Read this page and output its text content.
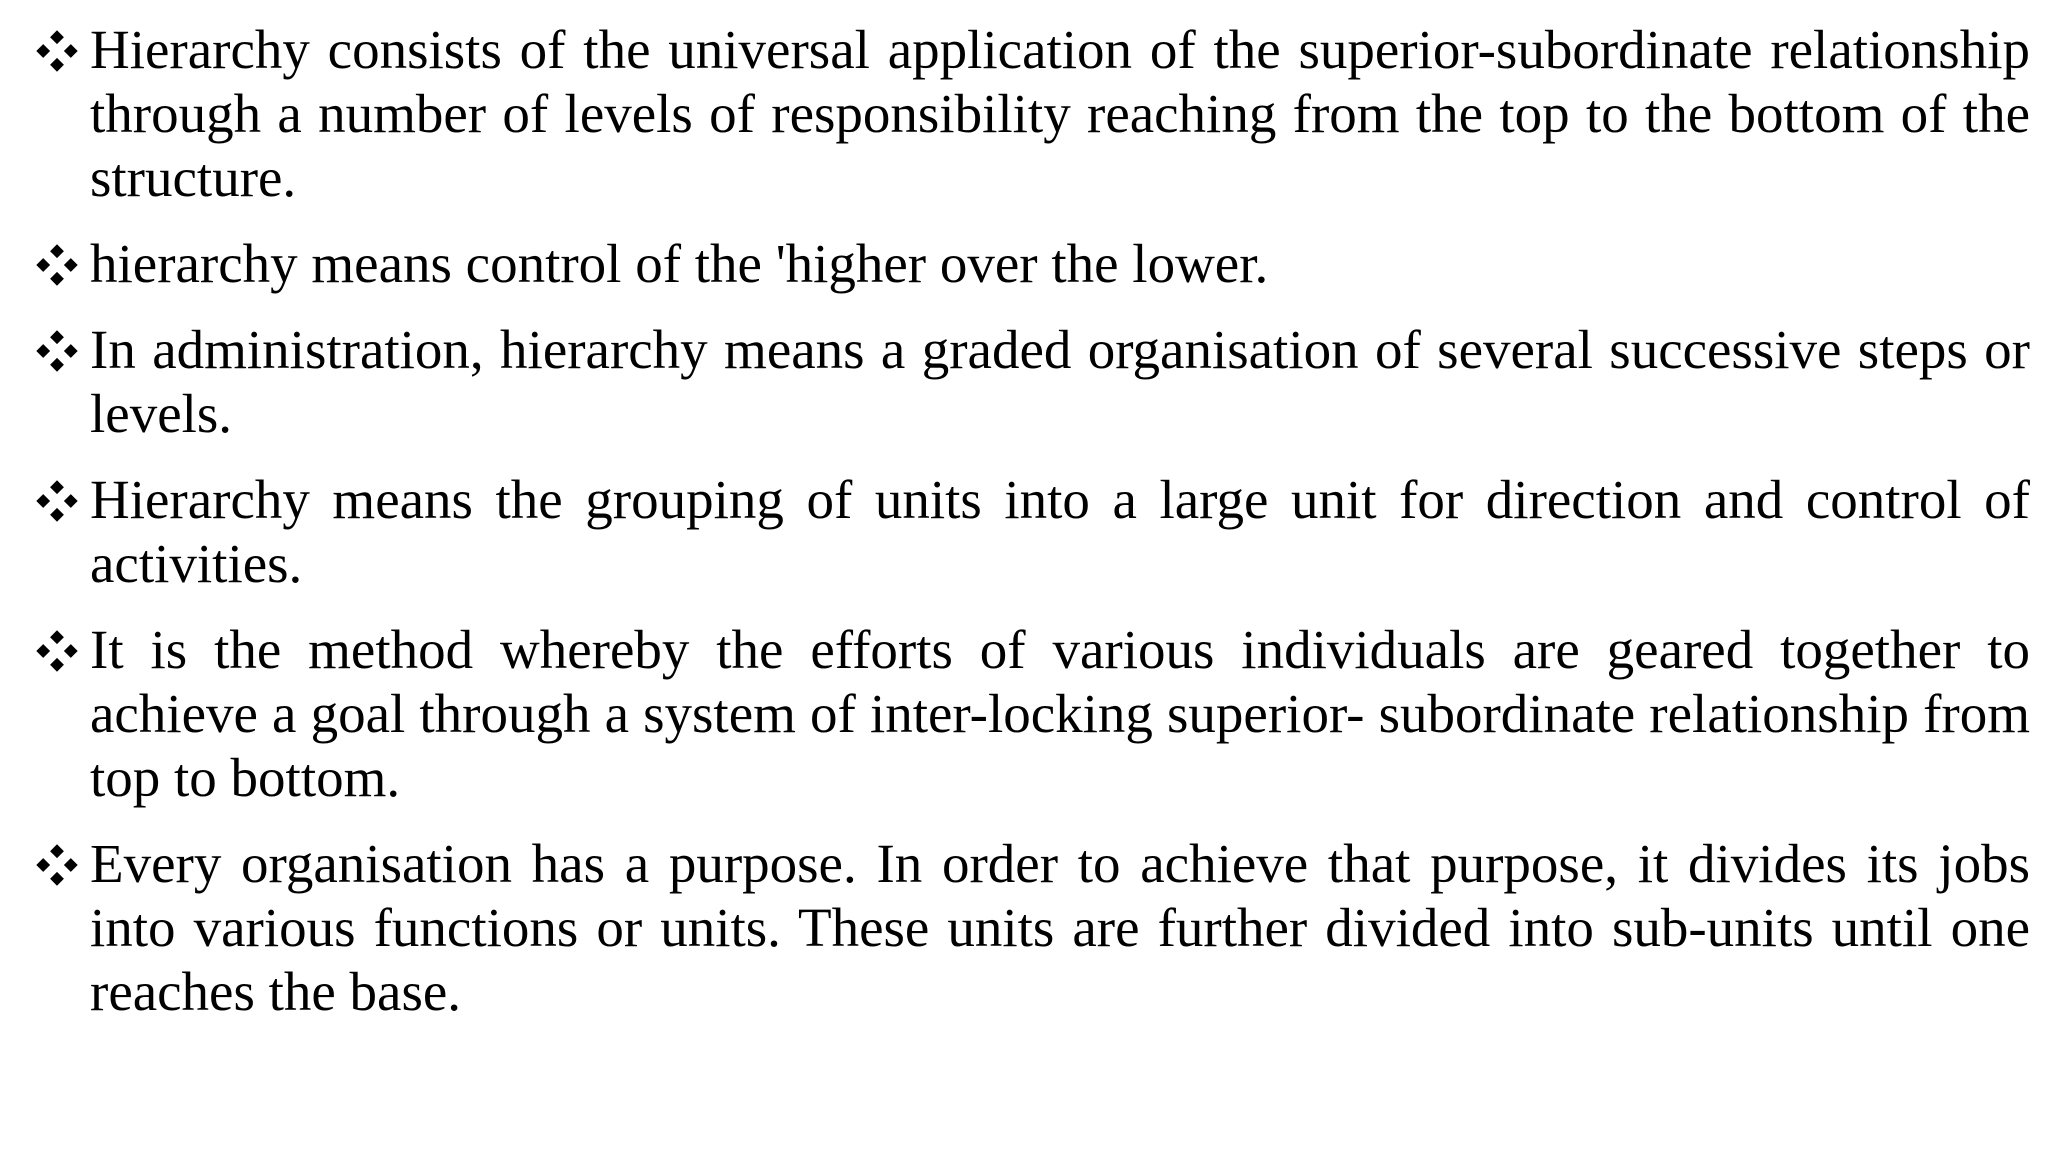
Hierarchy consists of the universal application of the superior-subordinate relationship through a number of levels of responsibility reaching from the top to the bottom of the structure.
hierarchy means control of the 'higher over the lower.
In administration, hierarchy means a graded organisation of several successive steps or levels.
Hierarchy means the grouping of units into a large unit for direction and control of activities.
It is the method whereby the efforts of various individuals are geared together to achieve a goal through a system of inter-locking superior- subordinate relationship from top to bottom.
Every organisation has a purpose. In order to achieve that purpose, it divides its jobs into various functions or units. These units are further divided into sub-units until one reaches the base.
